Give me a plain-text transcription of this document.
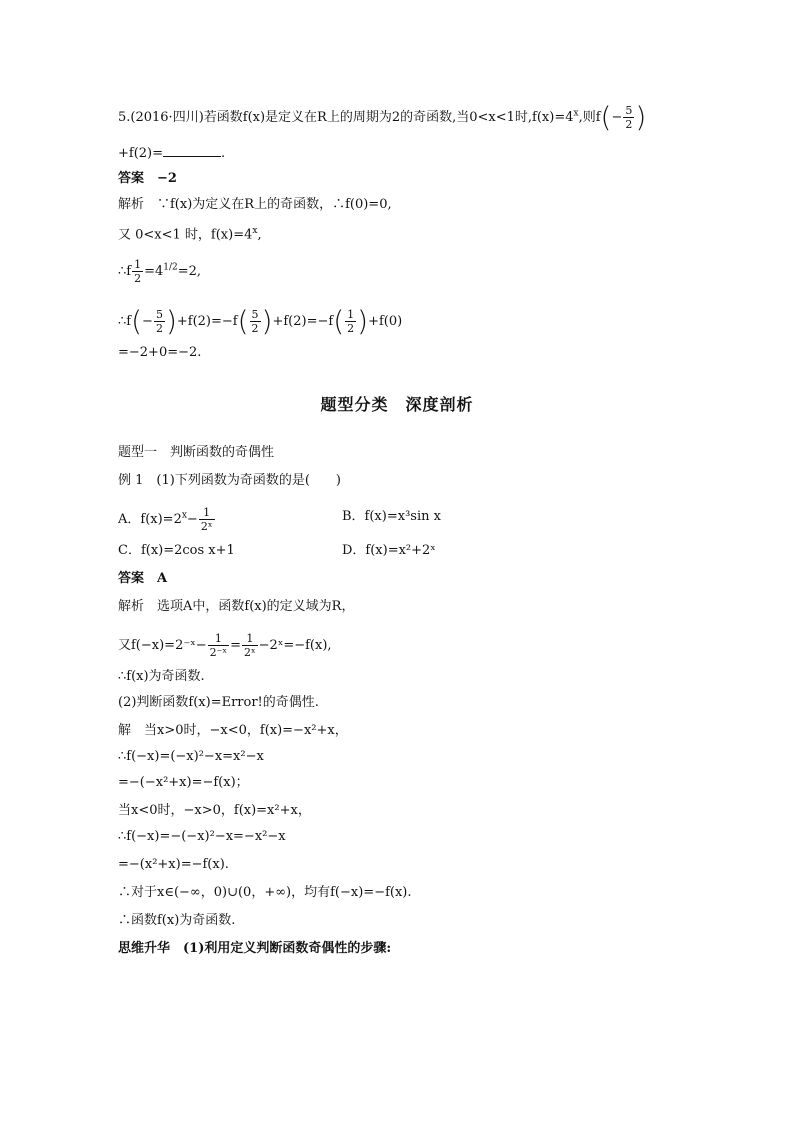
5.(2016·四川)若函数f(x)是定义在R上的周期为2的奇函数,当0<x<1时$,f(x)=4^x$,则$f(- \frac{5}{2}$ )
+f(2)=	.
答案　−2
解析　∵f(x)为定义在R上的奇函数，∴f(0)=0,
又 0<x<1 时，$f(x)=4^x$,
∴f $\frac{1}{2} =4^{1/2}=2$,
∴f(− $\frac{5}{2} )+f(2)=-f( \frac{5}{2} )+f(2)=-f( \frac{1}{2} )+f(0)$
=−2+0=−2.
题型分类　深度剖析
题型一　判断函数的奇偶性
例 1　(1)下列函数为奇函数的是(　　)
A．$f(x)=2^x- \frac{1}{\text{2ˣ}}$	B．f(x)=x³sin x
C．f(x)=2cos x+1	D．f(x)=x²+2ˣ
答案　A
解析　选项A中，函数f(x)的定义域为R，
又f(−x)=2⁻ˣ− $\frac{1}{\text{2⁻ˣ}} = \frac{1}{\text{2ˣ}}$ −2ˣ=−f(x),
∴f(x)为奇函数.
(2)判断函数f(x)=Error!的奇偶性.
解　当x>0时，−x<0，f(x)=−x²+x，
∴f(−x)=(−x)²−x=x²−x
=−(−x²+x)=−f(x)；
当x<0时，−x>0，f(x)=x²+x，
∴f(−x)=−(−x)²−x=−x²−x
=−(x²+x)=−f(x).
∴对于x∈(−∞，0)∪(0，+∞)，均有f(−x)=−f(x).
∴函数f(x)为奇函数.
思维升华　(1)利用定义判断函数奇偶性的步骤:
